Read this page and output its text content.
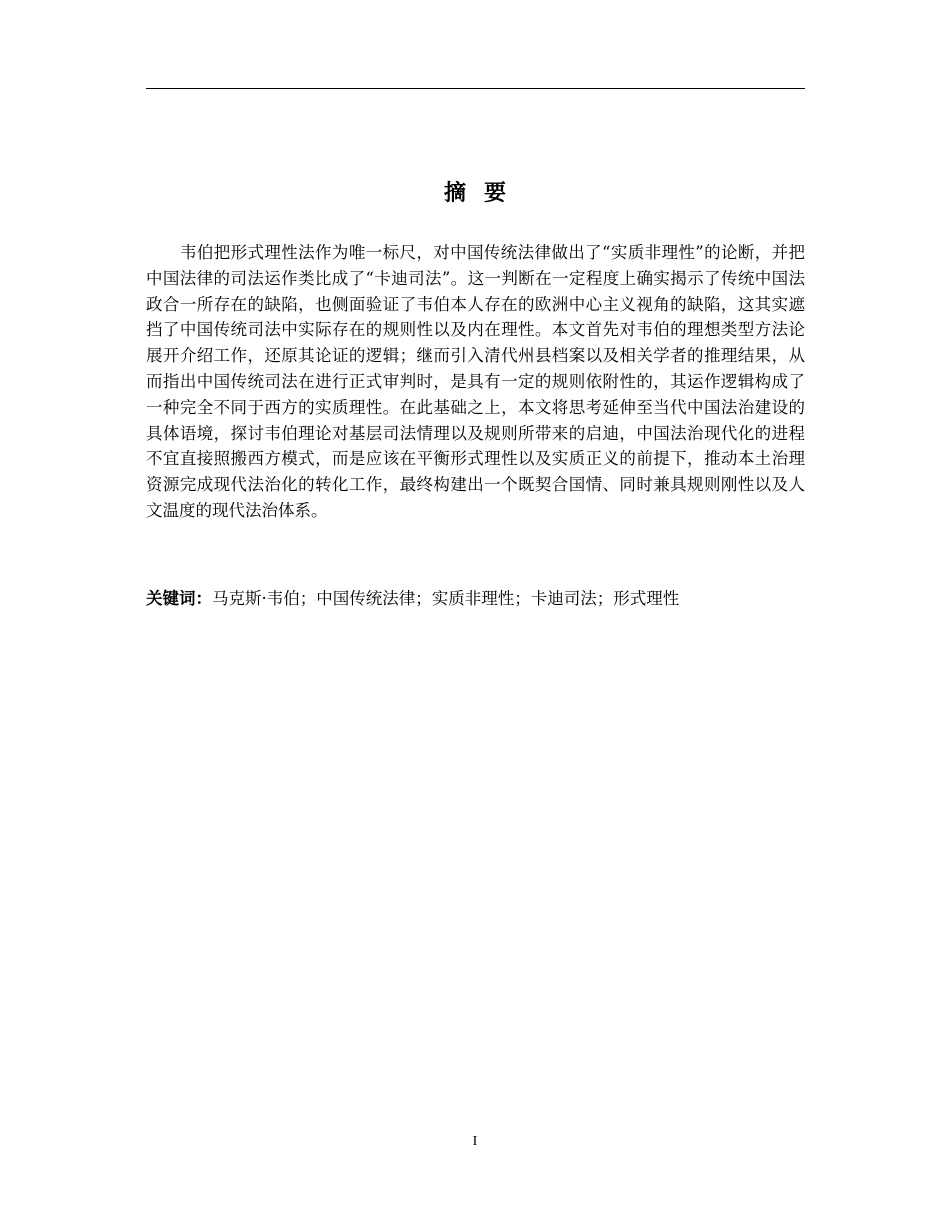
摘要

韦伯把形式理性法作为唯一标尺，对中国传统法律做出了“实质非理性”的论断，并把中国法律的司法运作类比成了“卡迪司法”。这一判断在一定程度上确实揭示了传统中国法政合一所存在的缺陷，也侧面验证了韦伯本人存在的欧洲中心主义视角的缺陷，这其实遮挡了中国传统司法中实际存在的规则性以及内在理性。本文首先对韦伯的理想类型方法论展开介绍工作，还原其论证的逻辑；继而引入清代州县档案以及相关学者的推理结果，从而指出中国传统司法在进行正式审判时，是具有一定的规则依附性的，其运作逻辑构成了一种完全不同于西方的实质理性。在此基础之上，本文将思考延伸至当代中国法治建设的具体语境，探讨韦伯理论对基层司法情理以及规则所带来的启迪，中国法治现代化的进程不宜直接照搬西方模式，而是应该在平衡形式理性以及实质正义的前提下，推动本土治理资源完成现代法治化的转化工作，最终构建出一个既契合国情、同时兼具规则刚性以及人文温度的现代法治体系。

关键词：马克斯·韦伯；中国传统法律；实质非理性；卡迪司法；形式理性

I
